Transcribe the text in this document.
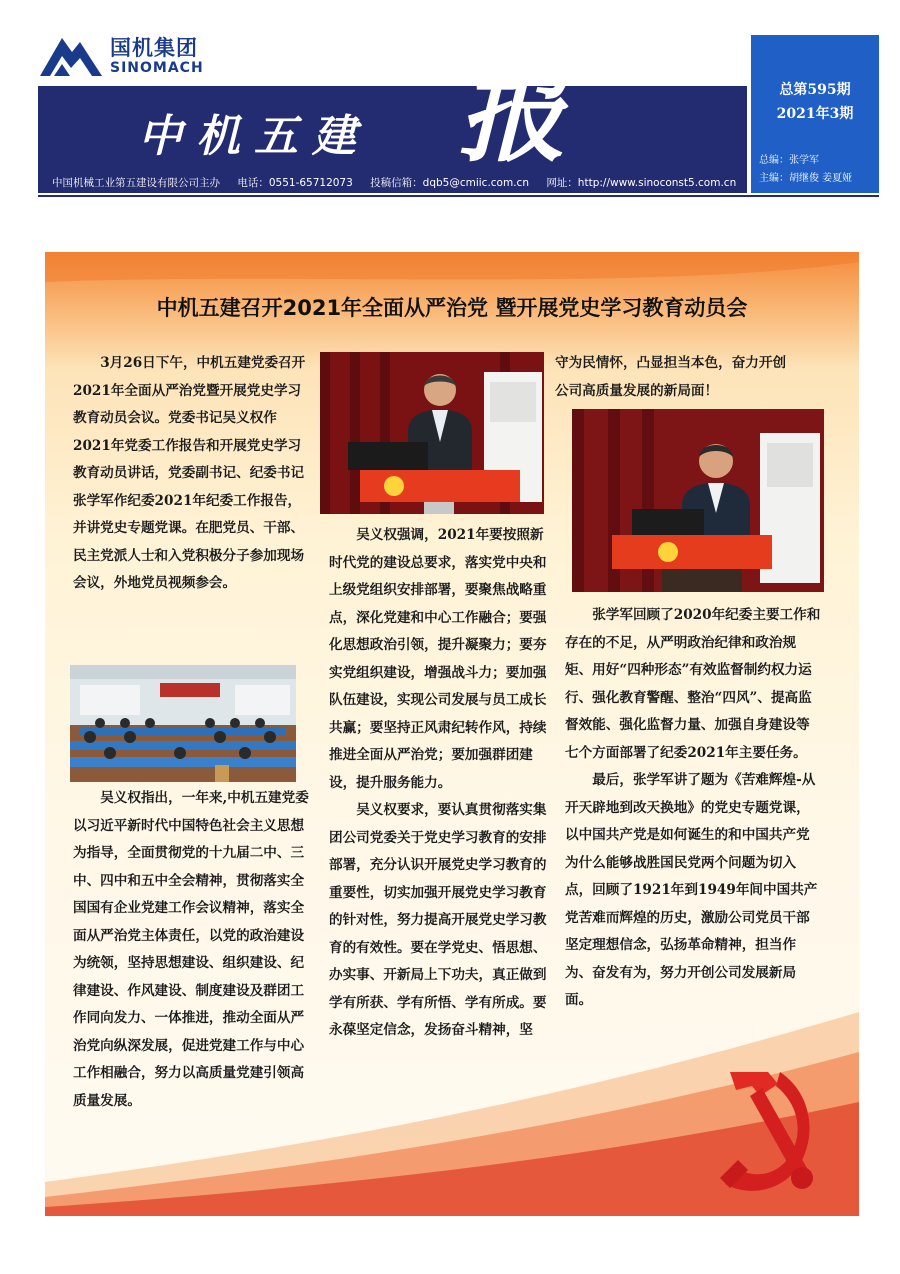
国机集团
SINOMACH
中机五建 报
中国机械工业第五建设有限公司主办 电话：0551-65712073 投稿信箱：dqb5@cmiic.com.cn 网址：http://www.sinoconst5.com.cn
总第595期
2021年3期
总编：张学军
主编：胡继俊 姜夏娅
中机五建召开2021年全面从严治党 暨开展党史学习教育动员会

3月26日下午，中机五建党委召开2021年全面从严治党暨开展党史学习教育动员会议。党委书记吴义权作2021年党委工作报告和开展党史学习教育动员讲话，党委副书记、纪委书记张学军作纪委2021年纪委工作报告，并讲党史专题党课。在肥党员、干部、民主党派人士和入党积极分子参加现场会议，外地党员视频参会。

吴义权指出，一年来,中机五建党委以习近平新时代中国特色社会主义思想为指导，全面贯彻党的十九届二中、三中、四中和五中全会精神，贯彻落实全国国有企业党建工作会议精神，落实全面从严治党主体责任，以党的政治建设为统领，坚持思想建设、组织建设、纪律建设、作风建设、制度建设及群团工作同向发力、一体推进，推动全面从严治党向纵深发展，促进党建工作与中心工作相融合，努力以高质量党建引领高质量发展。

吴义权强调，2021年要按照新时代党的建设总要求，落实党中央和上级党组织安排部署，要聚焦战略重点，深化党建和中心工作融合；要强化思想政治引领，提升凝聚力；要夯实党组织建设，增强战斗力；要加强队伍建设，实现公司发展与员工成长共赢；要坚持正风肃纪转作风，持续推进全面从严治党；要加强群团建设，提升服务能力。

吴义权要求，要认真贯彻落实集团公司党委关于党史学习教育的安排部署，充分认识开展党史学习教育的重要性，切实加强开展党史学习教育的针对性，努力提高开展党史学习教育的有效性。要在学党史、悟思想、办实事、开新局上下功夫，真正做到学有所获、学有所悟、学有所成。要永葆坚定信念，发扬奋斗精神，坚

守为民情怀，凸显担当本色，奋力开创公司高质量发展的新局面！

张学军回顾了2020年纪委主要工作和存在的不足，从严明政治纪律和政治规矩、用好“四种形态”有效监督制约权力运行、强化教育警醒、整治“四风”、提高监督效能、强化监督力量、加强自身建设等七个方面部署了纪委2021年主要任务。

最后，张学军讲了题为《苦难辉煌-从开天辟地到改天换地》的党史专题党课，以中国共产党是如何诞生的和中国共产党为什么能够战胜国民党两个问题为切入点，回顾了1921年到1949年间中国共产党苦难而辉煌的历史，激励公司党员干部坚定理想信念，弘扬革命精神，担当作为、奋发有为，努力开创公司发展新局面。
